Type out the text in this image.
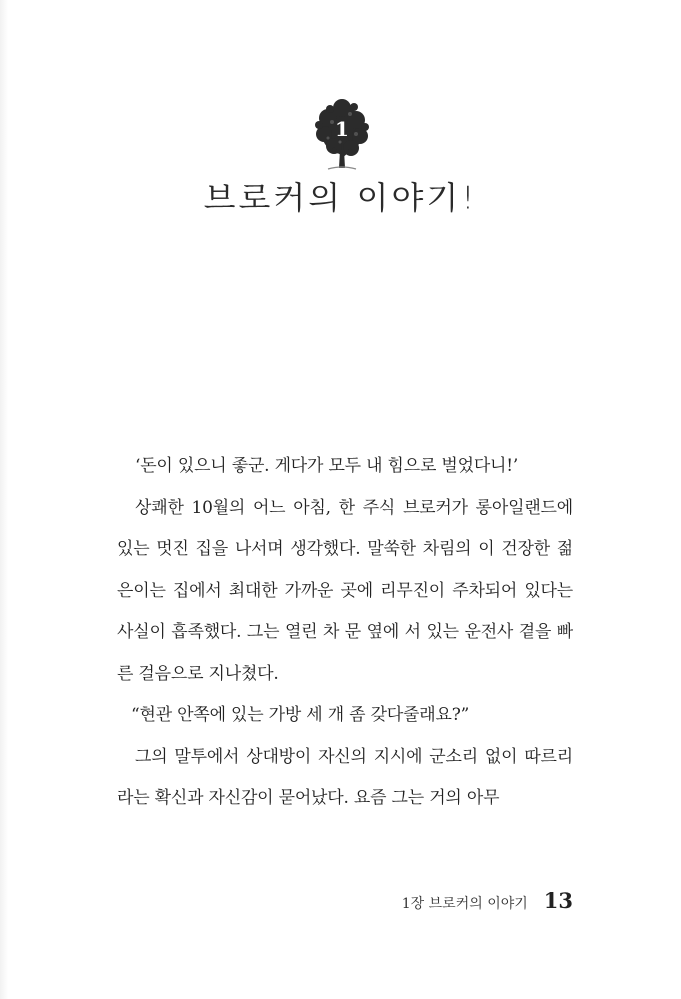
1
브로커의 이야기!

‘돈이 있으니 좋군. 게다가 모두 내 힘으로 벌었다니!’

상쾌한 10월의 어느 아침, 한 주식 브로커가 롱아일랜드에 있는 멋진 집을 나서며 생각했다. 말쑥한 차림의 이 건장한 젊은이는 집에서 최대한 가까운 곳에 리무진이 주차되어 있다는 사실이 흡족했다. 그는 열린 차 문 옆에 서 있는 운전사 곁을 빠른 걸음으로 지나쳤다.

“현관 안쪽에 있는 가방 세 개 좀 갖다줄래요?”

그의 말투에서 상대방이 자신의 지시에 군소리 없이 따르리라는 확신과 자신감이 묻어났다. 요즘 그는 거의 아무

1장 브로커의 이야기 13
